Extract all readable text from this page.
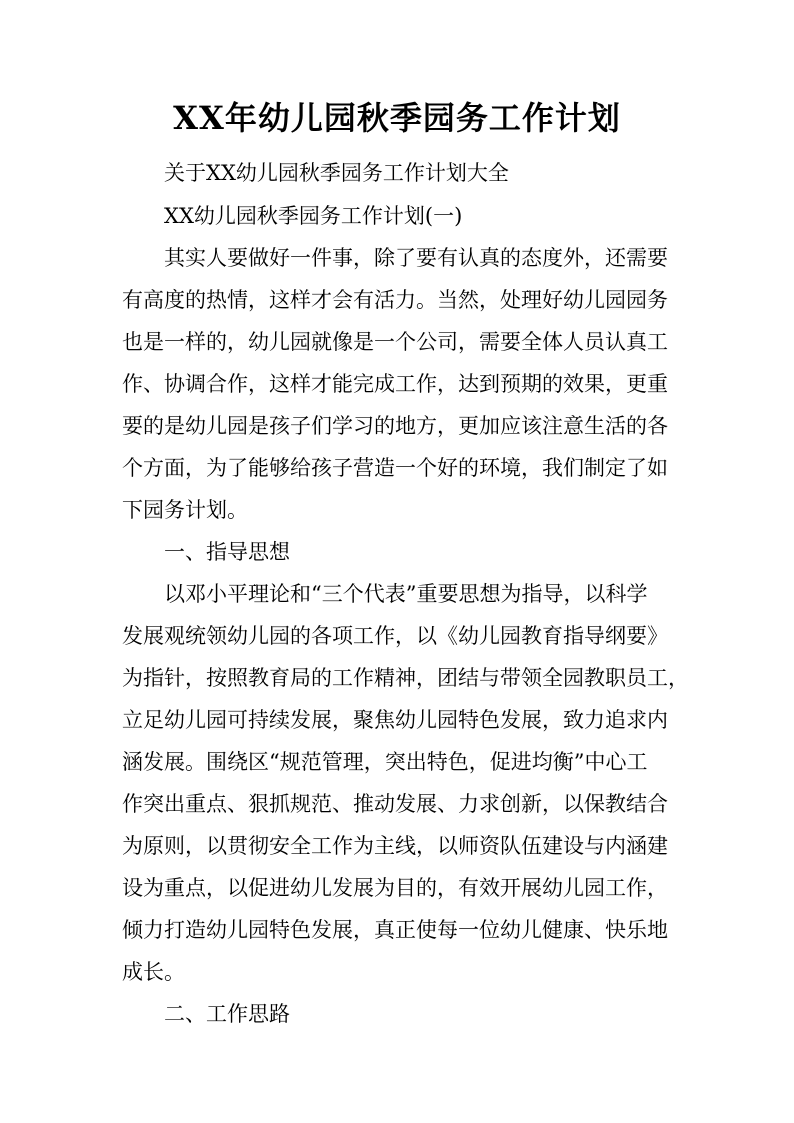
XX年幼儿园秋季园务工作计划

关于XX幼儿园秋季园务工作计划大全

XX幼儿园秋季园务工作计划(一)

其实人要做好一件事，除了要有认真的态度外，还需要

有高度的热情，这样才会有活力。当然，处理好幼儿园园务

也是一样的，幼儿园就像是一个公司，需要全体人员认真工

作、协调合作，这样才能完成工作，达到预期的效果，更重

要的是幼儿园是孩子们学习的地方，更加应该注意生活的各

个方面，为了能够给孩子营造一个好的环境，我们制定了如

下园务计划。

一、指导思想

以邓小平理论和“三个代表”重要思想为指导，以科学

发展观统领幼儿园的各项工作，以《幼儿园教育指导纲要》

为指针，按照教育局的工作精神，团结与带领全园教职员工，

立足幼儿园可持续发展，聚焦幼儿园特色发展，致力追求内

涵发展。围绕区“规范管理，突出特色，促进均衡”中心工

作突出重点、狠抓规范、推动发展、力求创新，以保教结合

为原则，以贯彻安全工作为主线，以师资队伍建设与内涵建

设为重点，以促进幼儿发展为目的，有效开展幼儿园工作，

倾力打造幼儿园特色发展，真正使每一位幼儿健康、快乐地

成长。

二、工作思路
